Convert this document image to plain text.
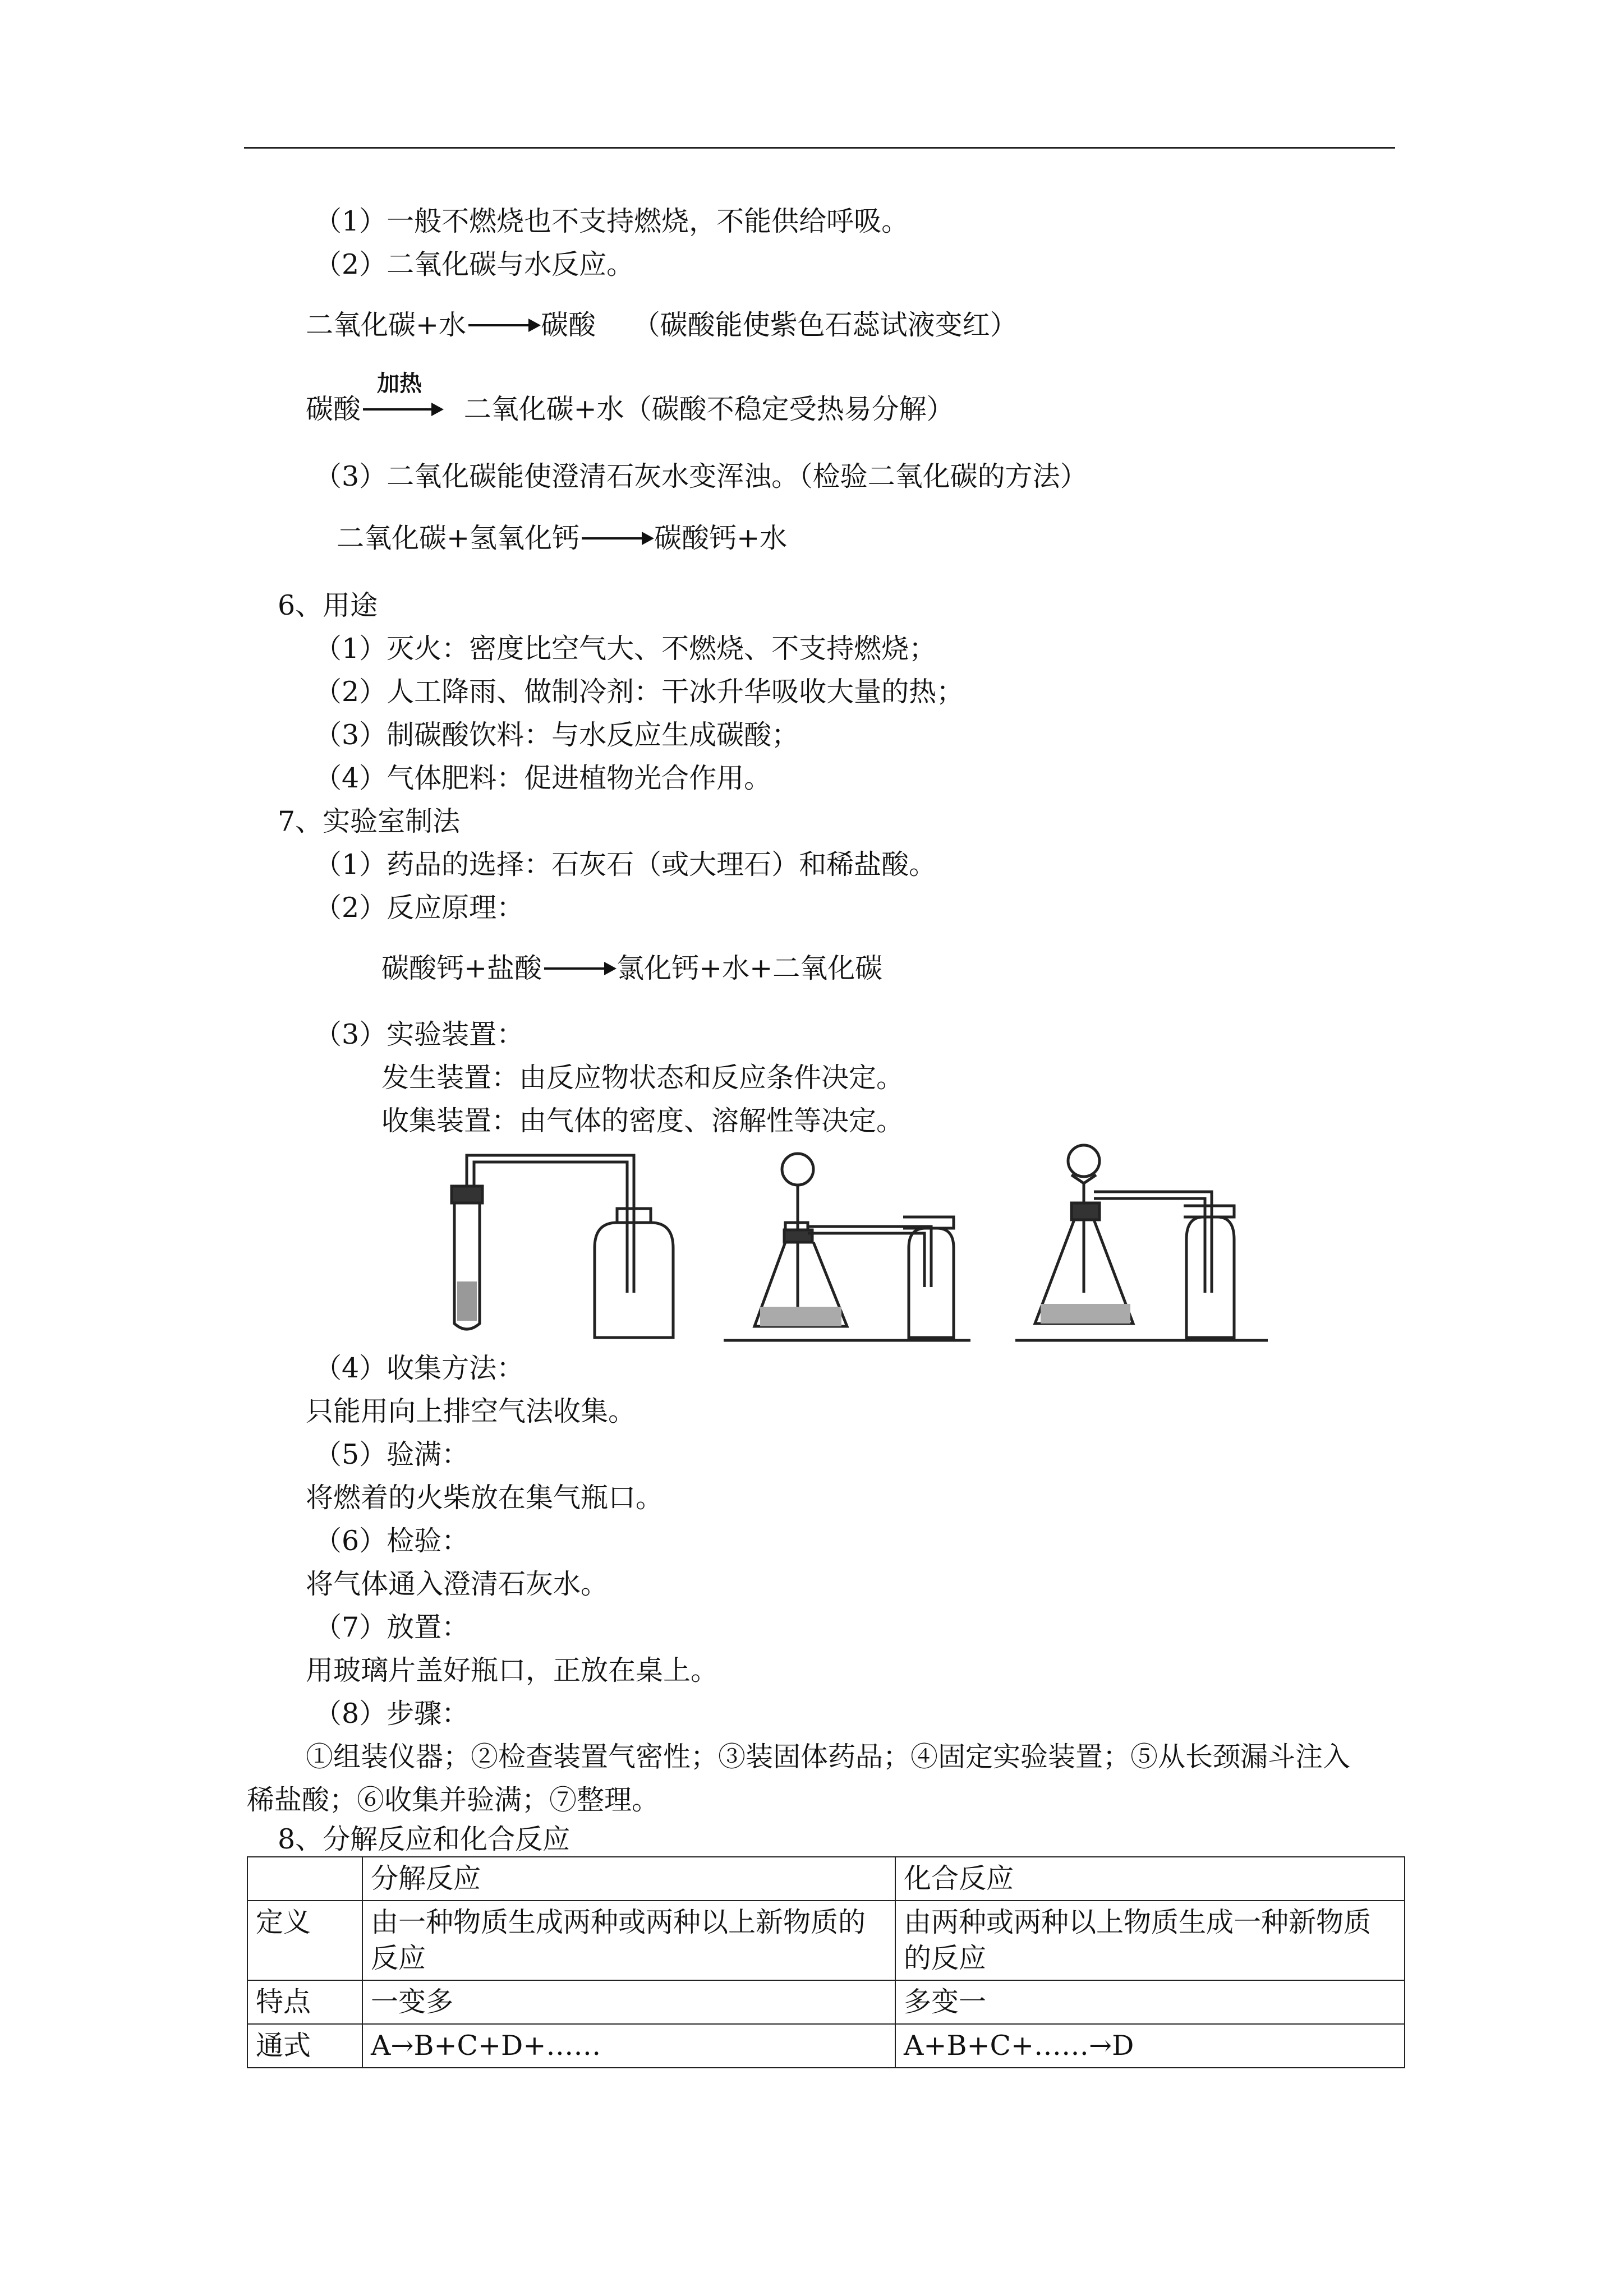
（1）一般不燃烧也不支持燃烧，不能供给呼吸。
（2）二氧化碳与水反应。
二氧化碳+水	碳酸 （碳酸能使紫色石蕊试液变红）
加热
碳酸	二氧化碳+水（碳酸不稳定受热易分解）
（3）二氧化碳能使澄清石灰水变浑浊。（检验二氧化碳的方法）
二氧化碳+氢氧化钙	碳酸钙+水
6、用途
（1）灭火：密度比空气大、不燃烧、不支持燃烧；
（2）人工降雨、做制冷剂：干冰升华吸收大量的热；
（3）制碳酸饮料：与水反应生成碳酸；
（4）气体肥料：促进植物光合作用。
7、实验室制法
（1）药品的选择：石灰石（或大理石）和稀盐酸。
（2）反应原理：
碳酸钙+盐酸	氯化钙+水+二氧化碳
（3）实验装置：
发生装置：由反应物状态和反应条件决定。
收集装置：由气体的密度、溶解性等决定。
（4）收集方法：
只能用向上排空气法收集。
（5）验满：
将燃着的火柴放在集气瓶口。
（6）检验：
将气体通入澄清石灰水。
（7）放置：
用玻璃片盖好瓶口，正放在桌上。
（8）步骤：
①组装仪器；②检查装置气密性；③装固体药品；④固定实验装置；⑤从长颈漏斗注入
稀盐酸；⑥收集并验满；⑦整理。
8、分解反应和化合反应
	分解反应	化合反应
定义	由一种物质生成两种或两种以上新物质的反应	由两种或两种以上物质生成一种新物质的反应
特点	一变多	多变一
通式	A→B+C+D+……	A+B+C+……→D
